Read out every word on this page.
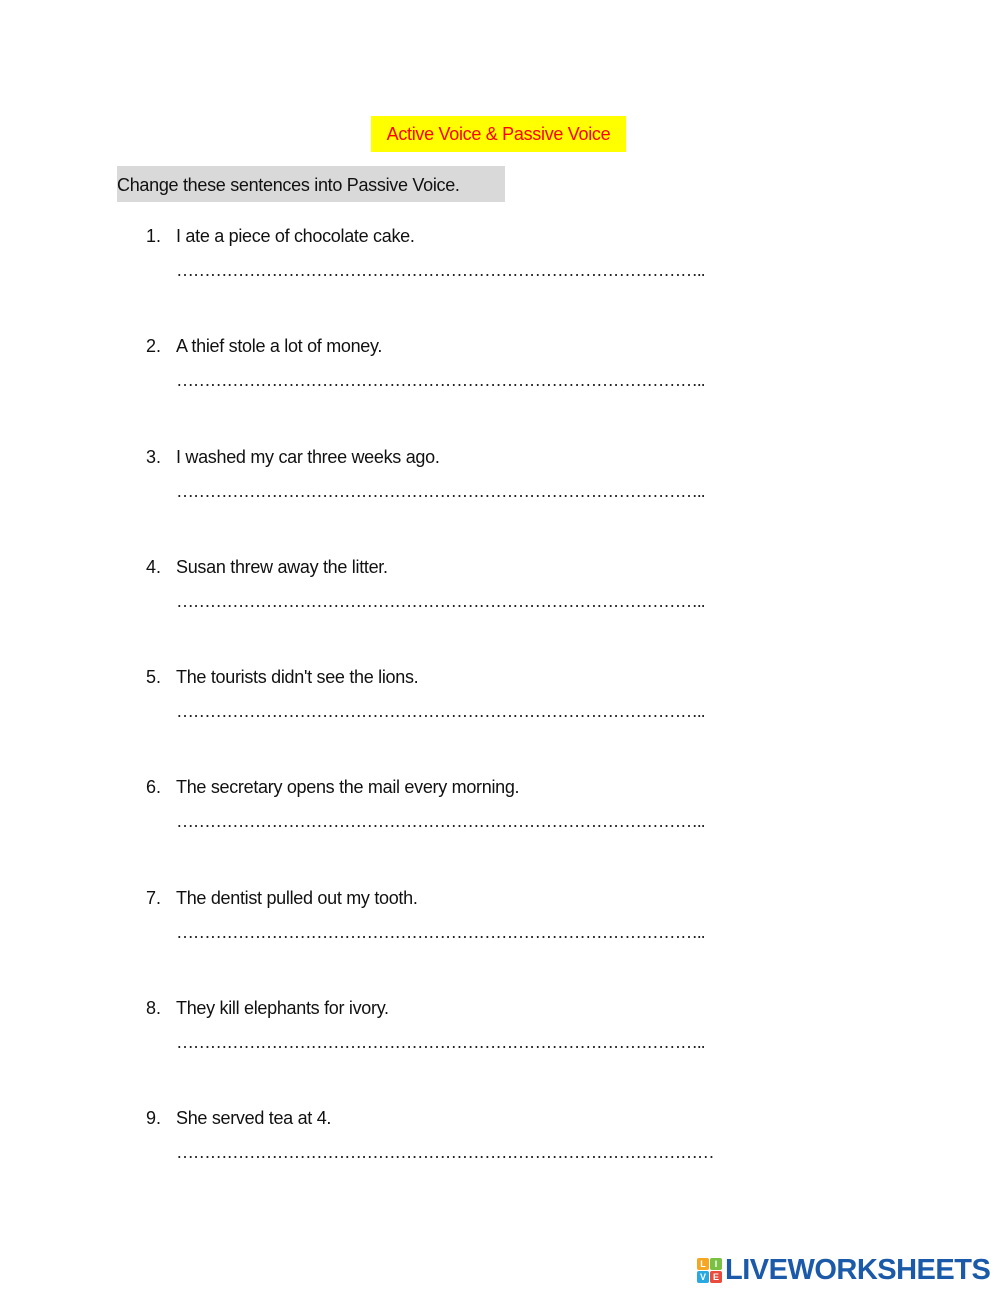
Active Voice & Passive Voice
Change these sentences into Passive Voice.
1. I ate a piece of chocolate cake.
…………………………………………………………………………………..
2. A thief stole a lot of money.
…………………………………………………………………………………..
3. I washed my car three weeks ago.
…………………………………………………………………………………..
4. Susan threw away the litter.
…………………………………………………………………………………..
5. The tourists didn't see the lions.
…………………………………………………………………………………..
6. The secretary opens the mail every morning.
…………………………………………………………………………………..
7. The dentist pulled out my tooth.
…………………………………………………………………………………..
8. They kill elephants for ivory.
…………………………………………………………………………………..
9. She served tea at 4.
……………………………………………………………………………………
L I
V E LIVEWORKSHEETS
